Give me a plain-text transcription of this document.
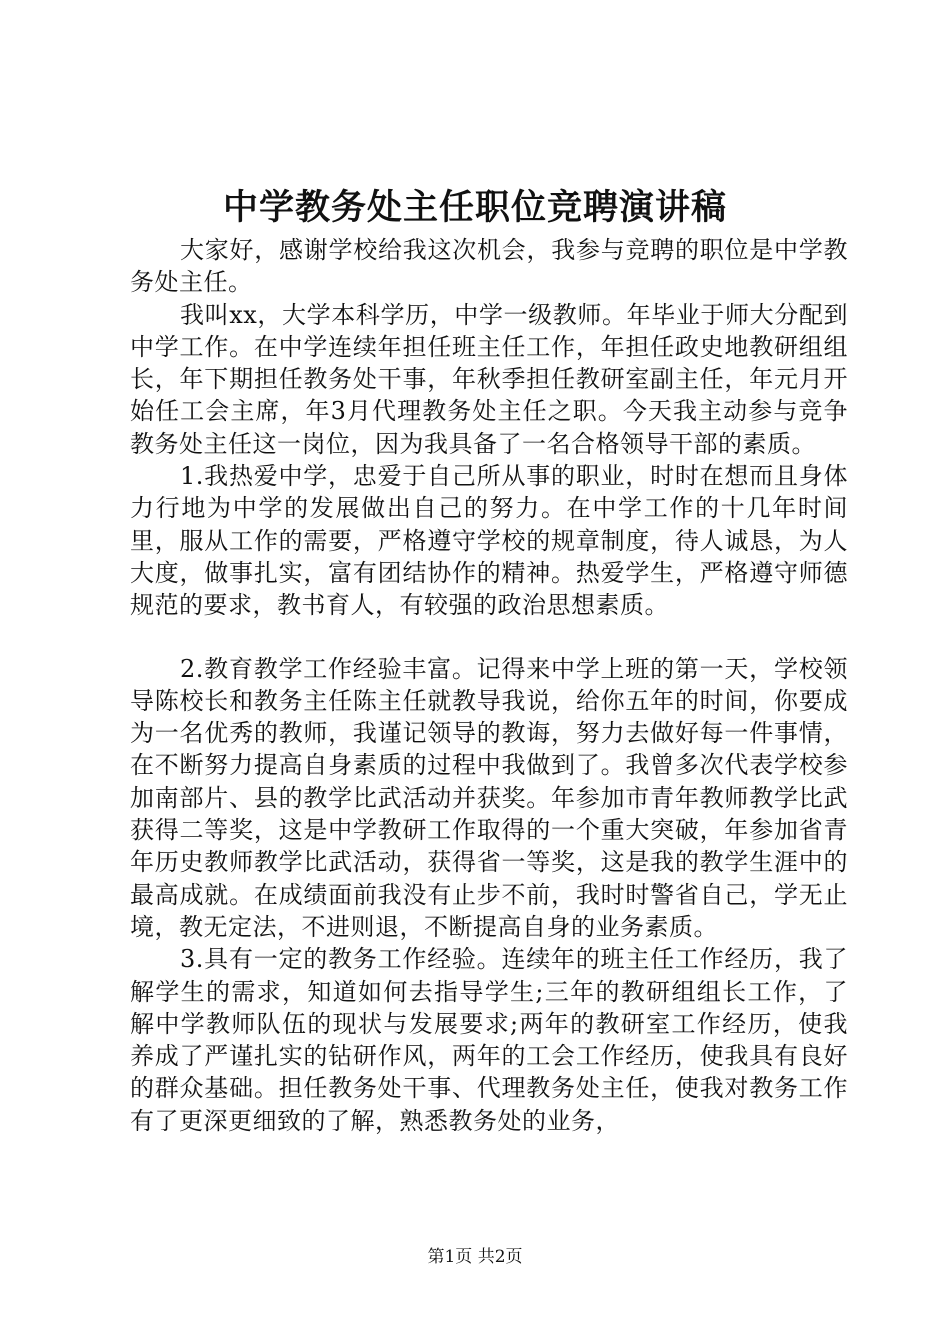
中学教务处主任职位竞聘演讲稿

大家好，感谢学校给我这次机会，我参与竞聘的职位是中学教务处主任。

我叫xx，大学本科学历，中学一级教师。年毕业于师大分配到中学工作。在中学连续年担任班主任工作，年担任政史地教研组组长，年下期担任教务处干事，年秋季担任教研室副主任，年元月开始任工会主席，年3月代理教务处主任之职。今天我主动参与竞争教务处主任这一岗位，因为我具备了一名合格领导干部的素质。

1.我热爱中学，忠爱于自己所从事的职业，时时在想而且身体力行地为中学的发展做出自己的努力。在中学工作的十几年时间里，服从工作的需要，严格遵守学校的规章制度，待人诚恳，为人大度，做事扎实，富有团结协作的精神。热爱学生，严格遵守师德规范的要求，教书育人，有较强的政治思想素质。

2.教育教学工作经验丰富。记得来中学上班的第一天，学校领导陈校长和教务主任陈主任就教导我说，给你五年的时间，你要成为一名优秀的教师，我谨记领导的教诲，努力去做好每一件事情，在不断努力提高自身素质的过程中我做到了。我曾多次代表学校参加南部片、县的教学比武活动并获奖。年参加市青年教师教学比武获得二等奖，这是中学教研工作取得的一个重大突破，年参加省青年历史教师教学比武活动，获得省一等奖，这是我的教学生涯中的最高成就。在成绩面前我没有止步不前，我时时警省自己，学无止境，教无定法，不进则退，不断提高自身的业务素质。

3.具有一定的教务工作经验。连续年的班主任工作经历，我了解学生的需求，知道如何去指导学生;三年的教研组组长工作，了解中学教师队伍的现状与发展要求;两年的教研室工作经历，使我养成了严谨扎实的钻研作风，两年的工会工作经历，使我具有良好的群众基础。担任教务处干事、代理教务处主任，使我对教务工作有了更深更细致的了解，熟悉教务处的业务，

第1页 共2页
